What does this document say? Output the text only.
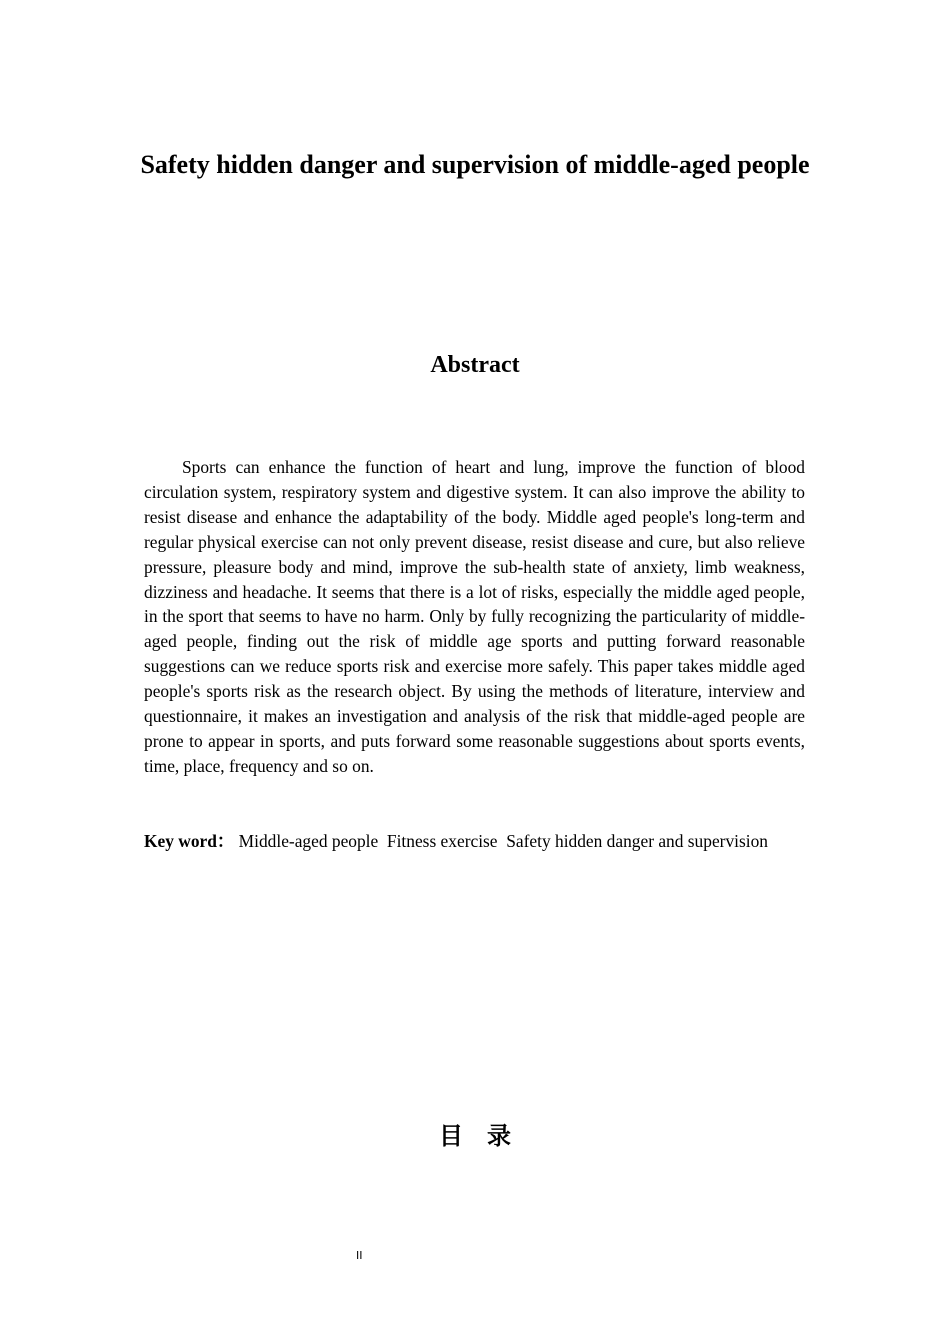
Safety hidden danger and supervision of middle-aged people
Abstract

Sports can enhance the function of heart and lung, improve the function of blood circulation system, respiratory system and digestive system. It can also improve the ability to resist disease and enhance the adaptability of the body. Middle aged people's long-term and regular physical exercise can not only prevent disease, resist disease and cure, but also relieve pressure, pleasure body and mind, improve the sub-health state of anxiety, limb weakness, dizziness and headache. It seems that there is a lot of risks, especially the middle aged people, in the sport that seems to have no harm. Only by fully recognizing the particularity of middle-aged people, finding out the risk of middle age sports and putting forward reasonable suggestions can we reduce sports risk and exercise more safely. This paper takes middle aged people's sports risk as the research object. By using the methods of literature, interview and questionnaire, it makes an investigation and analysis of the risk that middle-aged people are prone to appear in sports, and puts forward some reasonable suggestions about sports events, time, place, frequency and so on.

Key word： Middle-aged people  Fitness exercise  Safety hidden danger and supervision

目录
II
